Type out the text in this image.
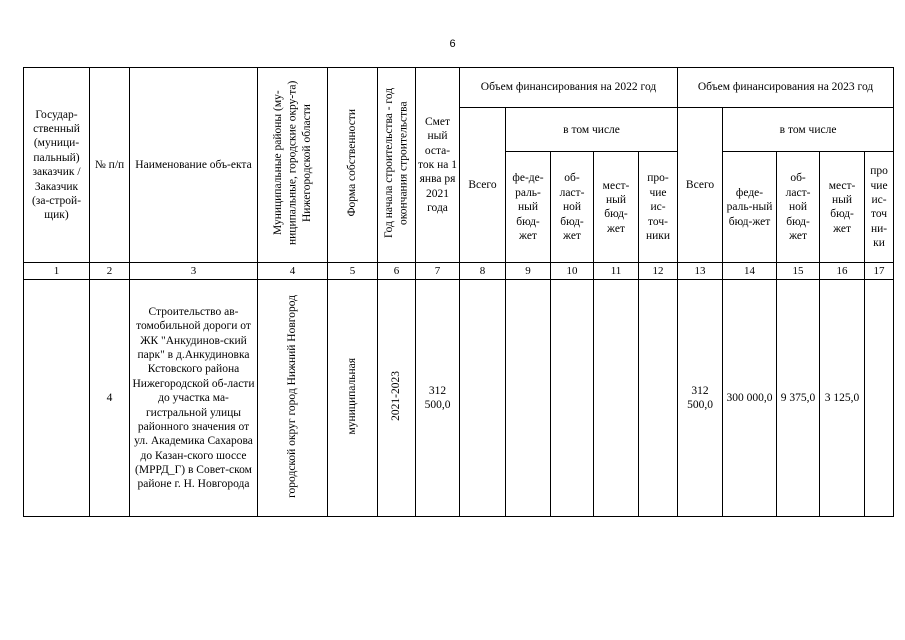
6
Государ-ственный (муници-пальный) заказчик / Заказчик (за-строй-щик)	№ п/п	Наименование объ-екта	Муниципальные районы (му-ниципальные, городские окру-та) Нижегородской области	Форма собственности	Год начала строительства - год окончания строительства	Смет ный оста-ток на 1 янва ря 2021 года	Объем финансирования на 2022 год					Объем финансирования на 2023 год				
							Всего	в том числе				Всего	в том числе			
								фе-де-раль-ный бюд-жет	об-ласт-ной бюд-жет	мест-ный бюд-жет	про-чие ис-точ-ники		феде-раль-ный бюд-жет	об-ласт-ной бюд-жет	мест-ный бюд-жет	про чие ис-точ ни-ки
1	2	3	4	5	6	7	8	9	10	11	12	13	14	15	16	17
	4	Строительство ав-томобильной дороги от ЖК "Анкудинов-ский парк" в д.Анкудиновка Кстовского района Нижегородской об-ласти до участка ма-гистральной улицы районного значения от ул. Академика Сахарова до Казан-ского шоссе (МРРД_Г) в Совет-ском районе г. Н. Новгорода	городской округ город Нижний Новгород	муниципальная	2021-2023	312 500,0						312 500,0	300 000,0	9 375,0	3 125,0	
